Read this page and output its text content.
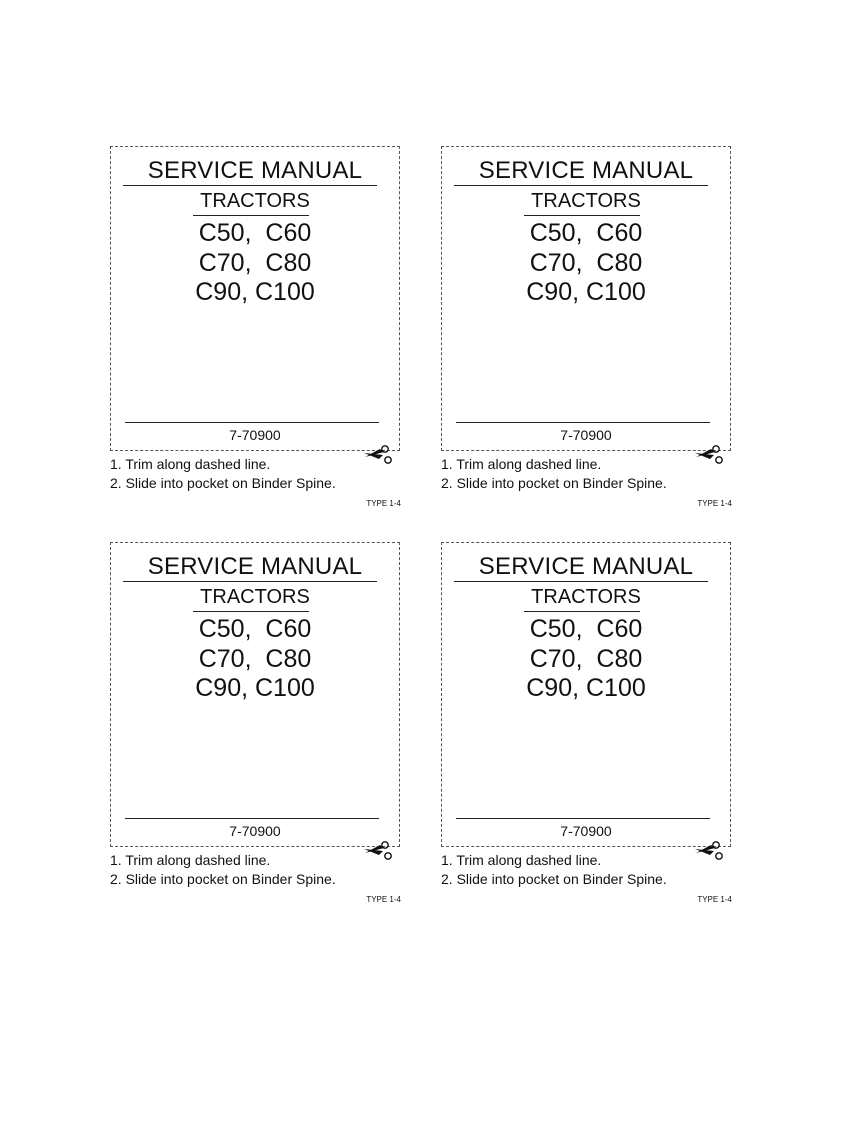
SERVICE MANUAL
TRACTORS
C50,  C60
C70,  C80
C90, C100
7-70900
1. Trim along dashed line.
2. Slide into pocket on Binder Spine.
TYPE 1-4
SERVICE MANUAL
TRACTORS
C50,  C60
C70,  C80
C90, C100
7-70900
1. Trim along dashed line.
2. Slide into pocket on Binder Spine.
TYPE 1-4
SERVICE MANUAL
TRACTORS
C50,  C60
C70,  C80
C90, C100
7-70900
1. Trim along dashed line.
2. Slide into pocket on Binder Spine.
TYPE 1-4
SERVICE MANUAL
TRACTORS
C50,  C60
C70,  C80
C90, C100
7-70900
1. Trim along dashed line.
2. Slide into pocket on Binder Spine.
TYPE 1-4
